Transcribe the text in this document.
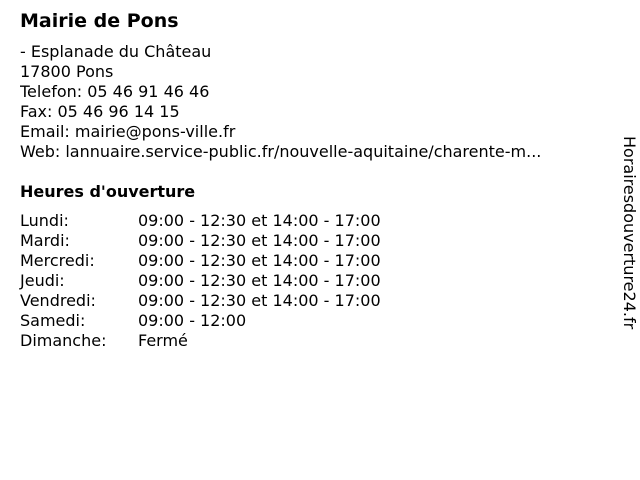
Mairie de Pons
- Esplanade du Château
17800 Pons
Telefon: 05 46 91 46 46
Fax: 05 46 96 14 15
Email: mairie@pons-ville.fr
Web: lannuaire.service-public.fr/nouvelle-aquitaine/charente-m...
Heures d'ouverture
Lundi:	09:00 - 12:30 et 14:00 - 17:00
Mardi:	09:00 - 12:30 et 14:00 - 17:00
Mercredi:	09:00 - 12:30 et 14:00 - 17:00
Jeudi:	09:00 - 12:30 et 14:00 - 17:00
Vendredi:	09:00 - 12:30 et 14:00 - 17:00
Samedi:	09:00 - 12:00
Dimanche:	Fermé
Horairesdouverture24.fr
